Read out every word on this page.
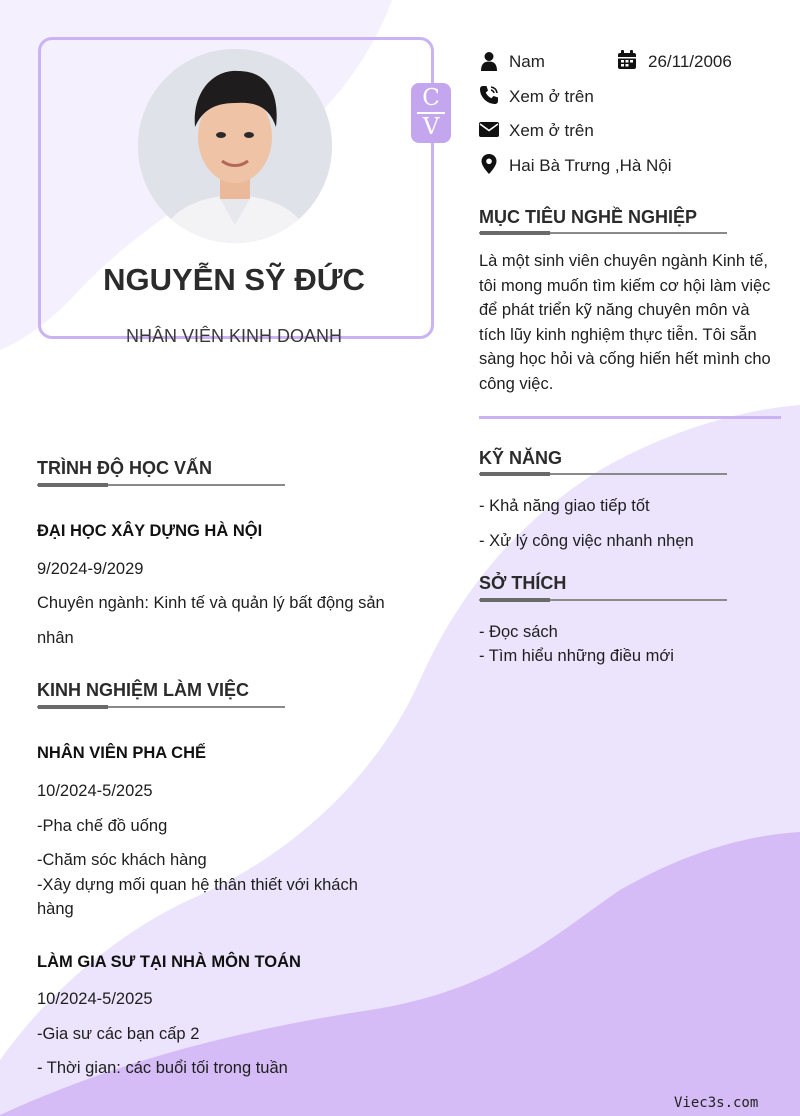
NGUYỄN SỸ ĐỨC
NHÂN VIÊN KINH DOANH
C
V
Nam	26/11/2006
Xem ở trên
Xem ở trên
Hai Bà Trưng ,Hà Nội
MỤC TIÊU NGHỀ NGHIỆP

Là một sinh viên chuyên ngành Kinh tế, tôi mong muốn tìm kiếm cơ hội làm việc để phát triển kỹ năng chuyên môn và tích lũy kinh nghiệm thực tiễn. Tôi sẵn sàng học hỏi và cống hiến hết mình cho công việc.

KỸ NĂNG
- Khả năng giao tiếp tốt
- Xử lý công việc nhanh nhẹn
SỞ THÍCH
- Đọc sách
- Tìm hiểu những điều mới
TRÌNH ĐỘ HỌC VẤN
ĐẠI HỌC XÂY DỰNG HÀ NỘI
9/2024-9/2029
Chuyên ngành: Kinh tế và quản lý bất động sản
nhân
KINH NGHIỆM LÀM VIỆC
NHÂN VIÊN PHA CHẾ
10/2024-5/2025
-Pha chế đồ uống
-Chăm sóc khách hàng
-Xây dựng mối quan hệ thân thiết với khách
hàng
LÀM GIA SƯ TẠI NHÀ MÔN TOÁN
10/2024-5/2025
-Gia sư các bạn cấp 2
- Thời gian: các buổi tối trong tuần
Viec3s.com
